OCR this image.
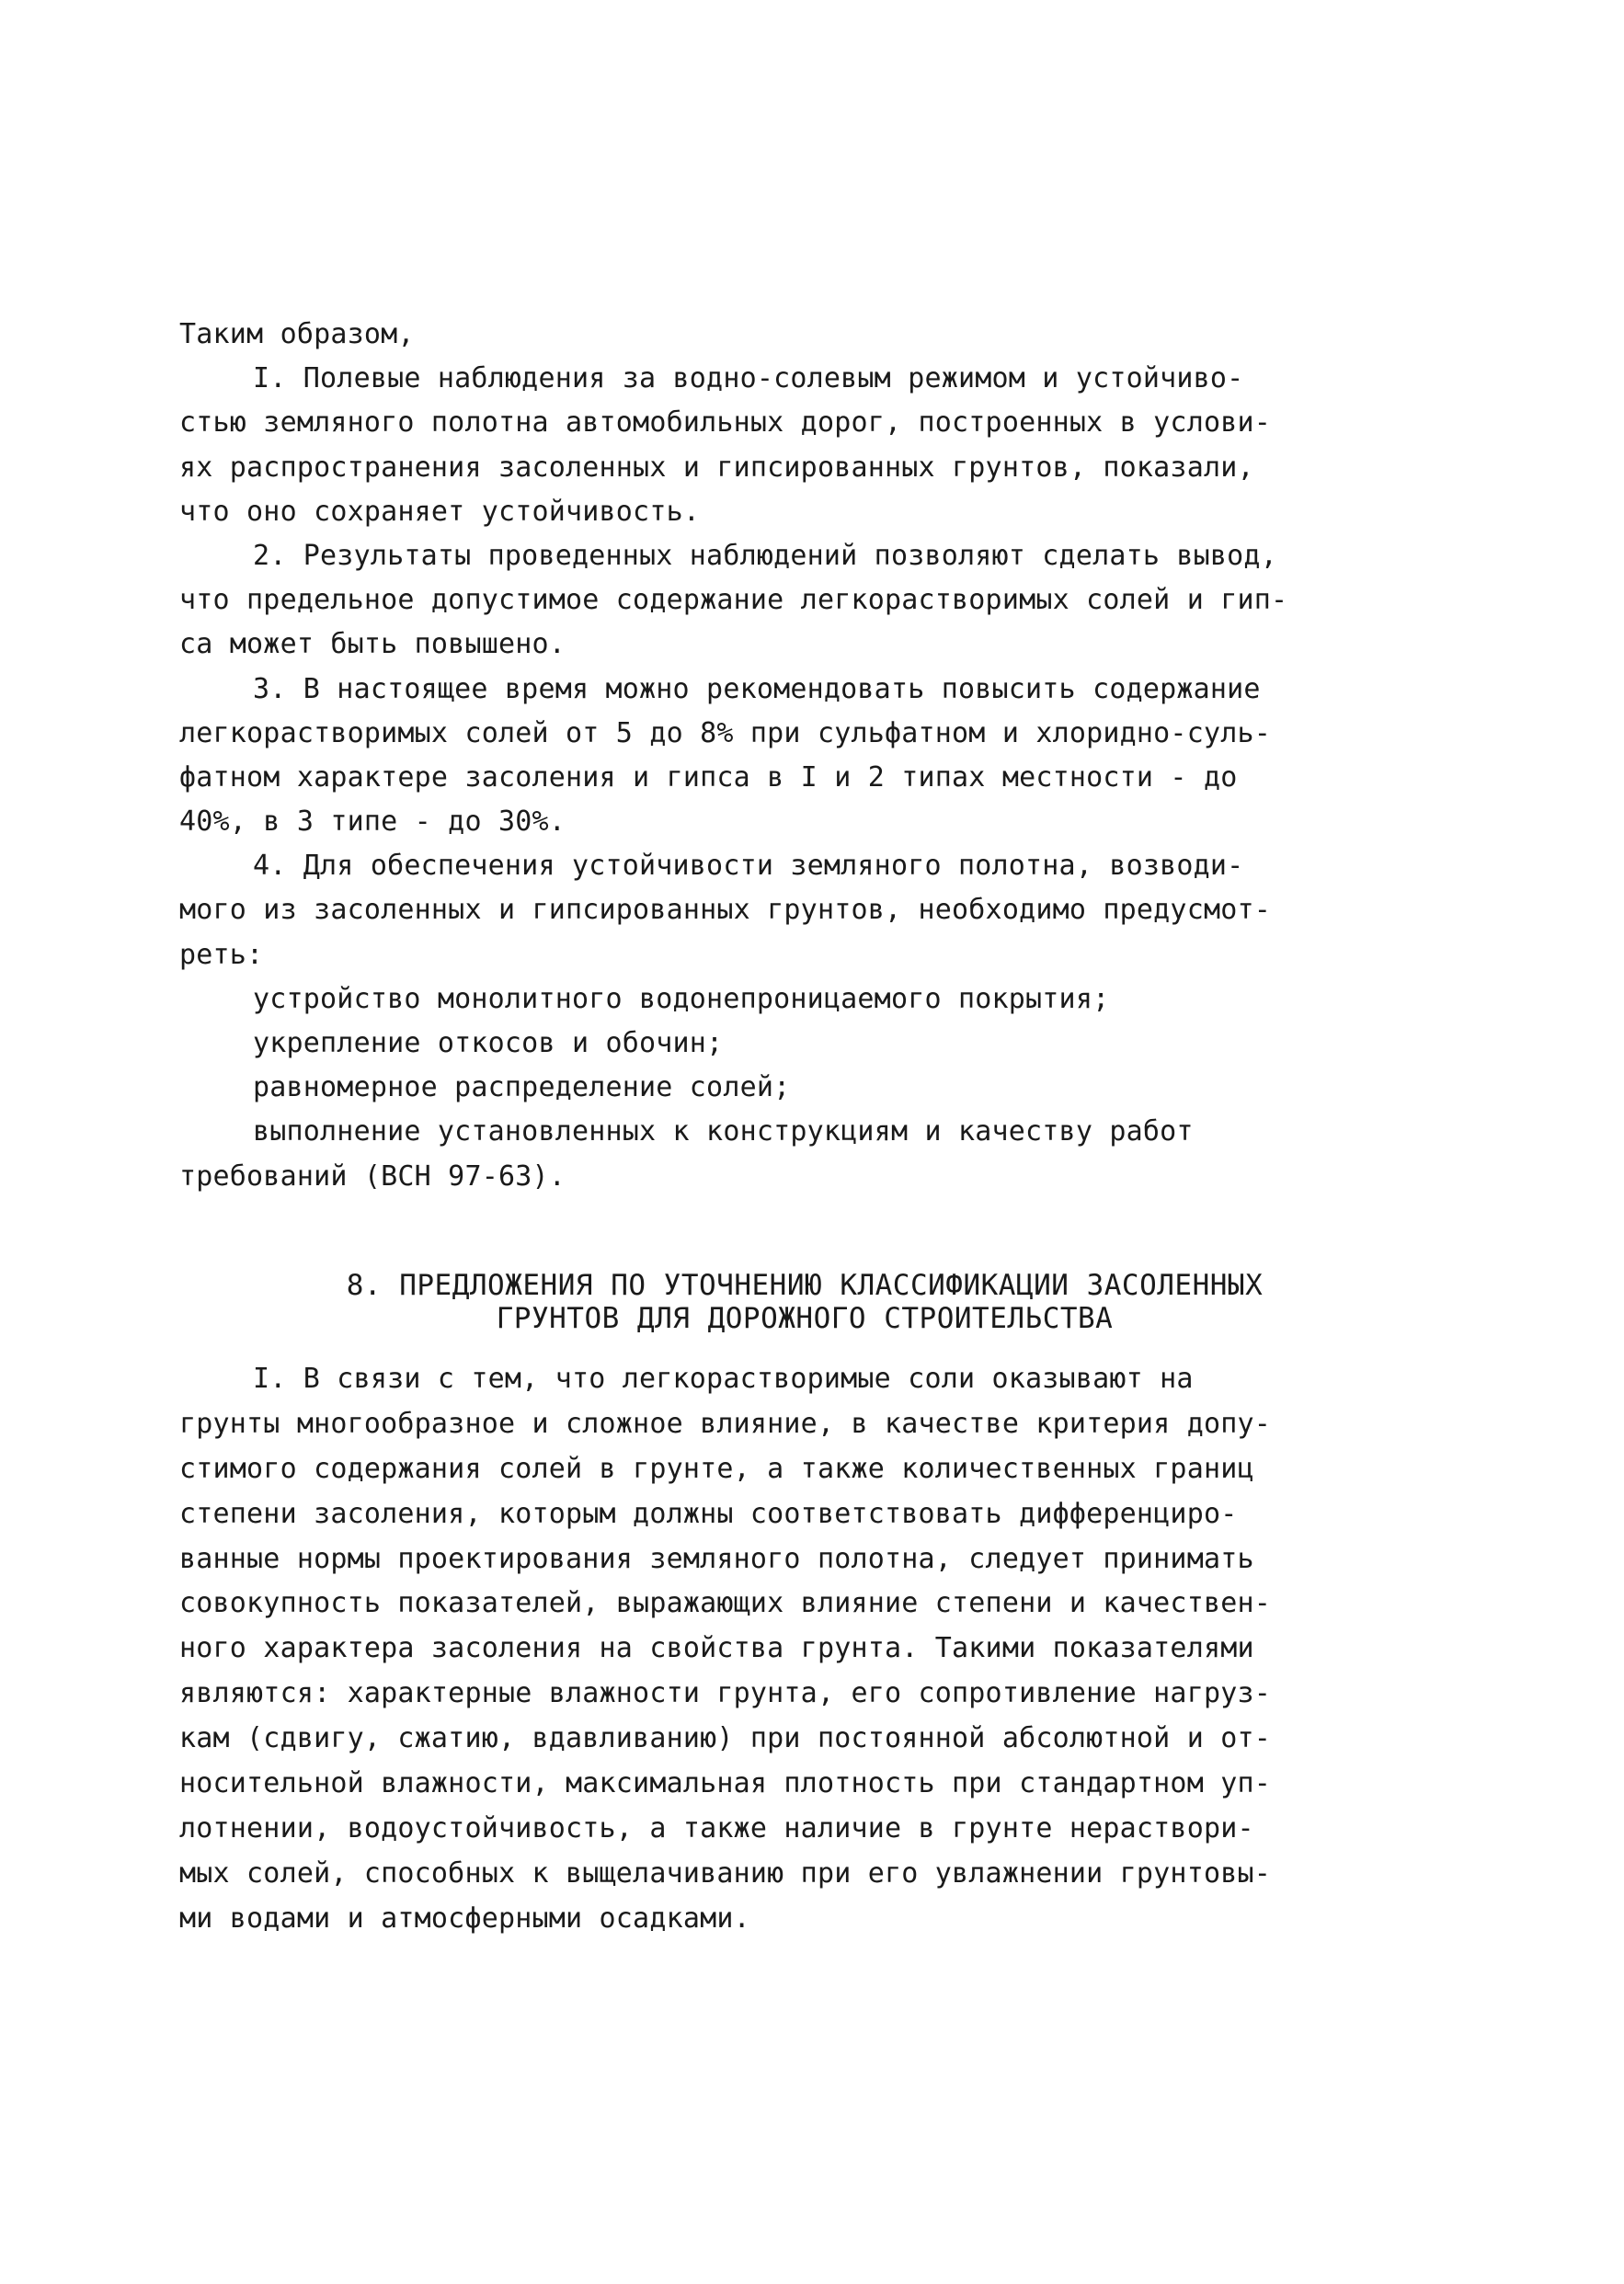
Таким образом,
I. Полевые наблюдения за водно-солевым режимом и устойчиво-
стью земляного полотна автомобильных дорог, построенных в услови-
ях распространения засоленных и гипсированных грунтов, показали,
что оно сохраняет устойчивость.
2. Результаты проведенных наблюдений позволяют сделать вывод,
что предельное допустимое содержание легкорастворимых солей и гип-
са может быть повышено.
3. В настоящее время можно рекомендовать повысить содержание
легкорастворимых солей от 5 до 8% при сульфатном и хлоридно-суль-
фатном характере засоления и гипса в I и 2 типах местности - до
40%, в 3 типе - до 30%.
4. Для обеспечения устойчивости земляного полотна, возводи-
мого из засоленных и гипсированных грунтов, необходимо предусмот-
реть:
устройство монолитного водонепроницаемого покрытия;
укрепление откосов и обочин;
равномерное распределение солей;
выполнение установленных к конструкциям и качеству работ
требований (ВСН 97-63).
8. ПРЕДЛОЖЕНИЯ ПО УТОЧНЕНИЮ КЛАССИФИКАЦИИ ЗАСОЛЕННЫХ
ГРУНТОВ ДЛЯ ДОРОЖНОГО СТРОИТЕЛЬСТВА
I. В связи с тем, что легкорастворимые соли оказывают на
грунты многообразное и сложное влияние, в качестве критерия допу-
стимого содержания солей в грунте, а также количественных границ
степени засоления, которым должны соответствовать дифференциро-
ванные нормы проектирования земляного полотна, следует принимать
совокупность показателей, выражающих влияние степени и качествен-
ного характера засоления на свойства грунта. Такими показателями
являются: характерные влажности грунта, его сопротивление нагруз-
кам (сдвигу, сжатию, вдавливанию) при постоянной абсолютной и от-
носительной влажности, максимальная плотность при стандартном уп-
лотнении, водоустойчивость, а также наличие в грунте нераствори-
мых солей, способных к выщелачиванию при его увлажнении грунтовы-
ми водами и атмосферными осадками.
